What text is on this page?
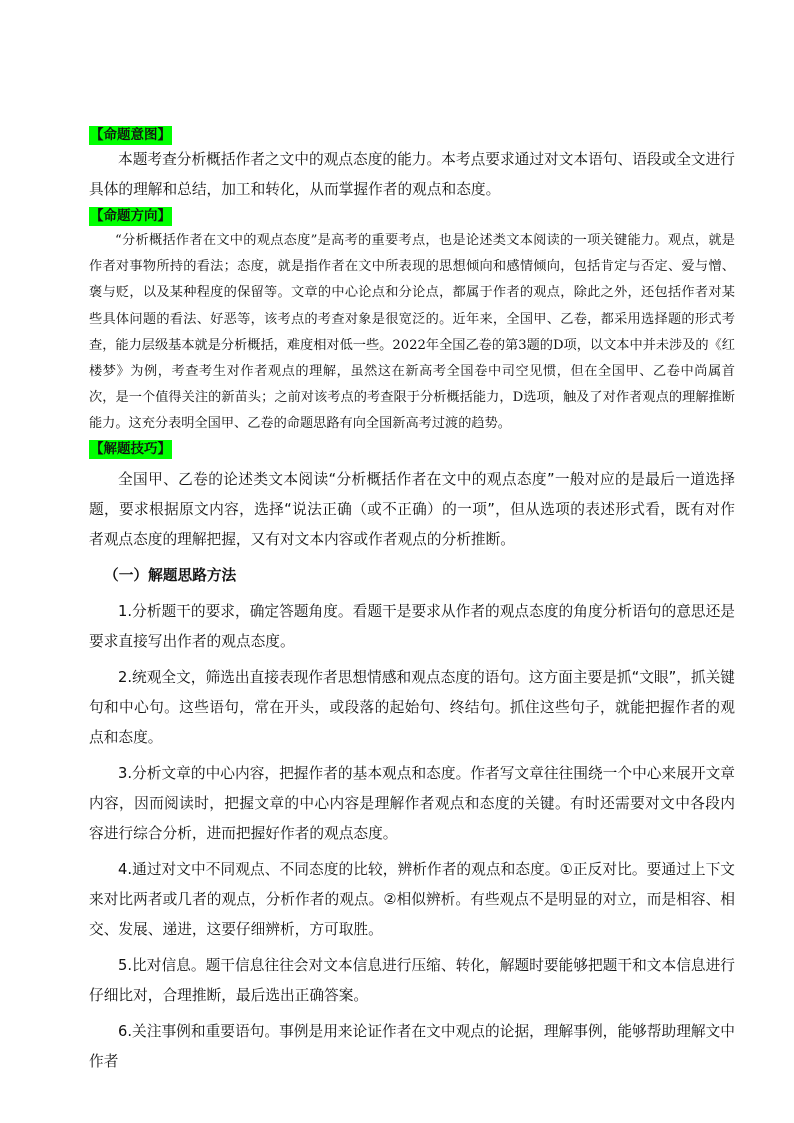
【命题意图】

本题考查分析概括作者之文中的观点态度的能力。本考点要求通过对文本语句、语段或全文进行具体的理解和总结，加工和转化，从而掌握作者的观点和态度。

【命题方向】

“分析概括作者在文中的观点态度”是高考的重要考点，也是论述类文本阅读的一项关键能力。观点，就是作者对事物所持的看法；态度，就是指作者在文中所表现的思想倾向和感情倾向，包括肯定与否定、爱与憎、褒与贬，以及某种程度的保留等。文章的中心论点和分论点，都属于作者的观点，除此之外，还包括作者对某些具体问题的看法、好恶等，该考点的考查对象是很宽泛的。近年来，全国甲、乙卷，都采用选择题的形式考查，能力层级基本就是分析概括，难度相对低一些。2022年全国乙卷的第3题的D项，以文本中并未涉及的《红楼梦》为例，考查考生对作者观点的理解，虽然这在新高考全国卷中司空见惯，但在全国甲、乙卷中尚属首次，是一个值得关注的新苗头；之前对该考点的考查限于分析概括能力，D选项，触及了对作者观点的理解推断能力。这充分表明全国甲、乙卷的命题思路有向全国新高考过渡的趋势。

【解题技巧】

全国甲、乙卷的论述类文本阅读“分析概括作者在文中的观点态度”一般对应的是最后一道选择题，要求根据原文内容，选择“说法正确（或不正确）的一项”，但从选项的表述形式看，既有对作者观点态度的理解把握，又有对文本内容或作者观点的分析推断。

（一）解题思路方法

1.分析题干的要求，确定答题角度。看题干是要求从作者的观点态度的角度分析语句的意思还是要求直接写出作者的观点态度。

2.统观全文，筛选出直接表现作者思想情感和观点态度的语句。这方面主要是抓“文眼”，抓关键句和中心句。这些语句，常在开头，或段落的起始句、终结句。抓住这些句子，就能把握作者的观点和态度。

3.分析文章的中心内容，把握作者的基本观点和态度。作者写文章往往围绕一个中心来展开文章内容，因而阅读时，把握文章的中心内容是理解作者观点和态度的关键。有时还需要对文中各段内容进行综合分析，进而把握好作者的观点态度。

4.通过对文中不同观点、不同态度的比较，辨析作者的观点和态度。①正反对比。要通过上下文来对比两者或几者的观点，分析作者的观点。②相似辨析。有些观点不是明显的对立，而是相容、相交、发展、递进，这要仔细辨析，方可取胜。

5.比对信息。题干信息往往会对文本信息进行压缩、转化，解题时要能够把题干和文本信息进行仔细比对，合理推断，最后选出正确答案。

6.关注事例和重要语句。事例是用来论证作者在文中观点的论据，理解事例，能够帮助理解文中作者
